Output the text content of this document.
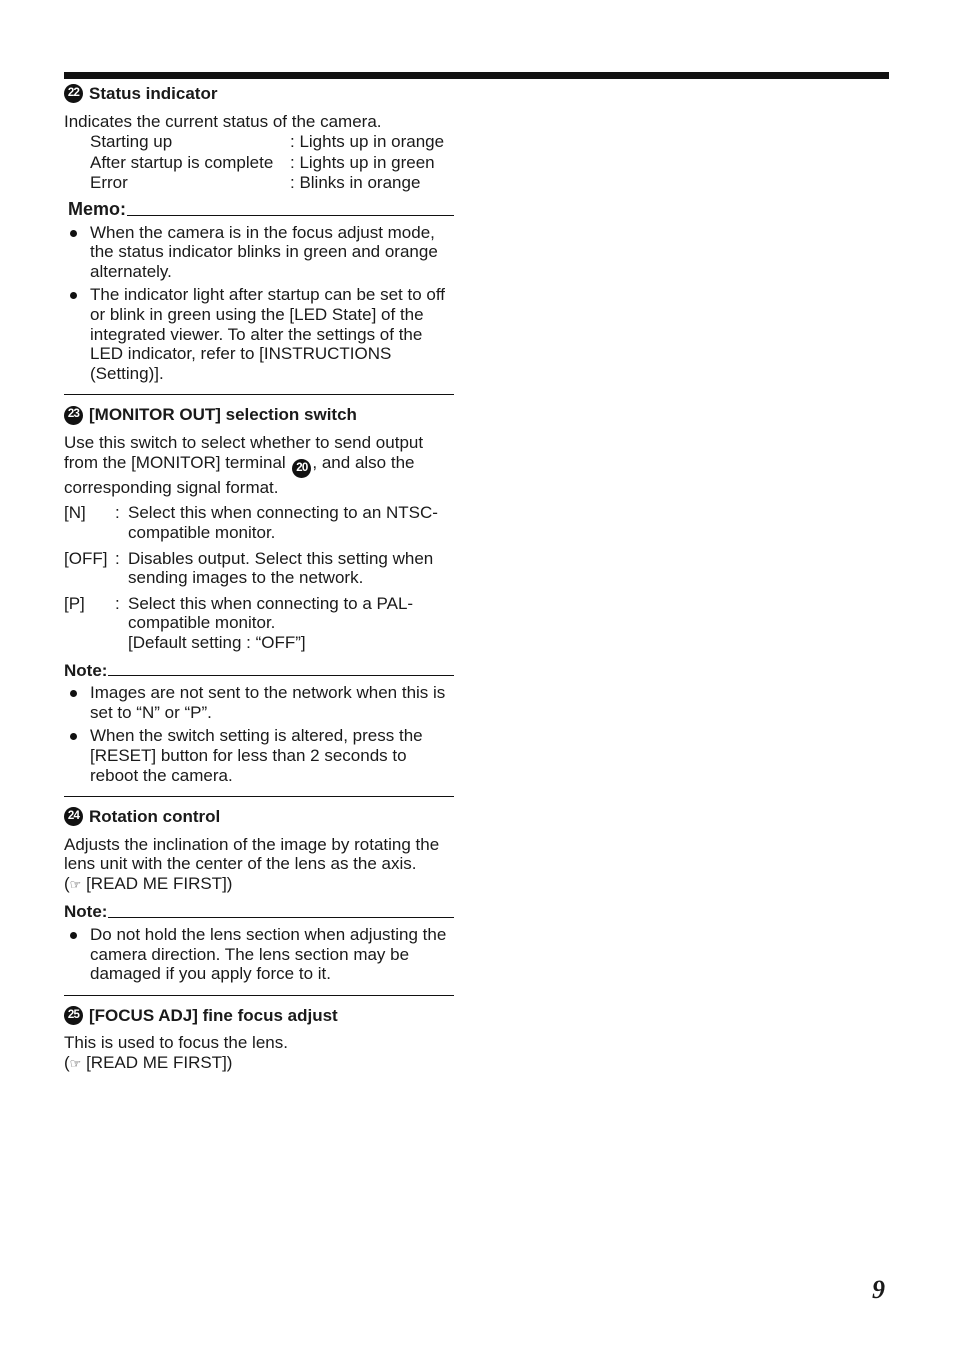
22 Status indicator

Indicates the current status of the camera.

Starting up	: Lights up in orange
After startup is complete : Lights up in green
Error	: Blinks in orange
Memo:
When the camera is in the focus adjust mode, the status indicator blinks in green and orange alternately.
The indicator light after startup can be set to off or blink in green using the [LED State] of the integrated viewer. To alter the settings of the LED indicator, refer to [INSTRUCTIONS (Setting)].
23 [MONITOR OUT] selection switch

Use this switch to select whether to send output from the [MONITOR] terminal 20 , and also the corresponding signal format.

[N]	: Select this when connecting to an NTSC-compatible monitor.
[OFF] : Disables output. Select this setting when sending images to the network.
[P]	: Select this when connecting to a PAL-compatible monitor.
[Default setting : “OFF”]
Note:
Images are not sent to the network when this is set to “N” or “P”.
When the switch setting is altered, press the [RESET] button for less than 2 seconds to reboot the camera.
24 Rotation control

Adjusts the inclination of the image by rotating the lens unit with the center of the lens as the axis.

(☞ [READ ME FIRST])

Note:
Do not hold the lens section when adjusting the camera direction. The lens section may be damaged if you apply force to it.
25 [FOCUS ADJ] fine focus adjust

This is used to focus the lens.

(☞ [READ ME FIRST])

9
